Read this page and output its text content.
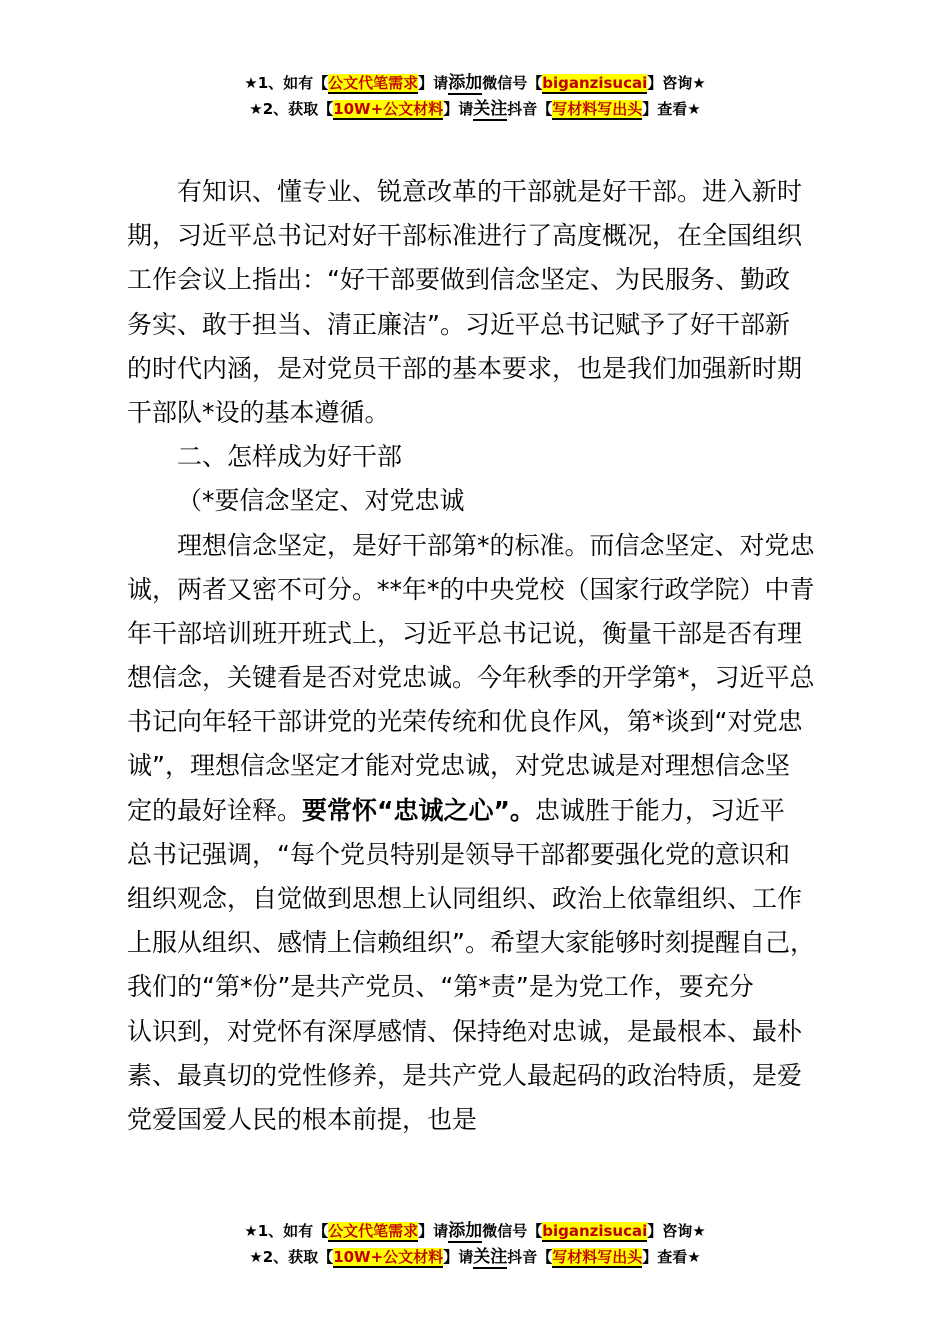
★1、如有【公文代笔需求】请添加微信号【biganzisucai】咨询★
★2、获取【10W+公文材料】请关注抖音【写材料写出头】查看★
有知识、懂专业、锐意改革的干部就是好干部。进入新时
期，习近平总书记对好干部标准进行了高度概况，在全国组织
工作会议上指出：“好干部要做到信念坚定、为民服务、勤政
务实、敢于担当、清正廉洁”。习近平总书记赋予了好干部新
的时代内涵，是对党员干部的基本要求，也是我们加强新时期
干部队*设的基本遵循。
二、怎样成为好干部
（*要信念坚定、对党忠诚
理想信念坚定，是好干部第*的标准。而信念坚定、对党忠
诚，两者又密不可分。**年*的中央党校（国家行政学院）中青
年干部培训班开班式上，习近平总书记说，衡量干部是否有理
想信念，关键看是否对党忠诚。今年秋季的开学第*，习近平总
书记向年轻干部讲党的光荣传统和优良作风，第*谈到“对党忠
诚”，理想信念坚定才能对党忠诚，对党忠诚是对理想信念坚
定的最好诠释。要常怀“忠诚之心”。忠诚胜于能力，习近平
总书记强调，“每个党员特别是领导干部都要强化党的意识和
组织观念，自觉做到思想上认同组织、政治上依靠组织、工作
上服从组织、感情上信赖组织”。希望大家能够时刻提醒自己，
我们的“第*份”是共产党员、“第*责”是为党工作，要充分
认识到，对党怀有深厚感情、保持绝对忠诚，是最根本、最朴
素、最真切的党性修养，是共产党人最起码的政治特质，是爱
党爱国爱人民的根本前提，也是
★1、如有【公文代笔需求】请添加微信号【biganzisucai】咨询★
★2、获取【10W+公文材料】请关注抖音【写材料写出头】查看★
